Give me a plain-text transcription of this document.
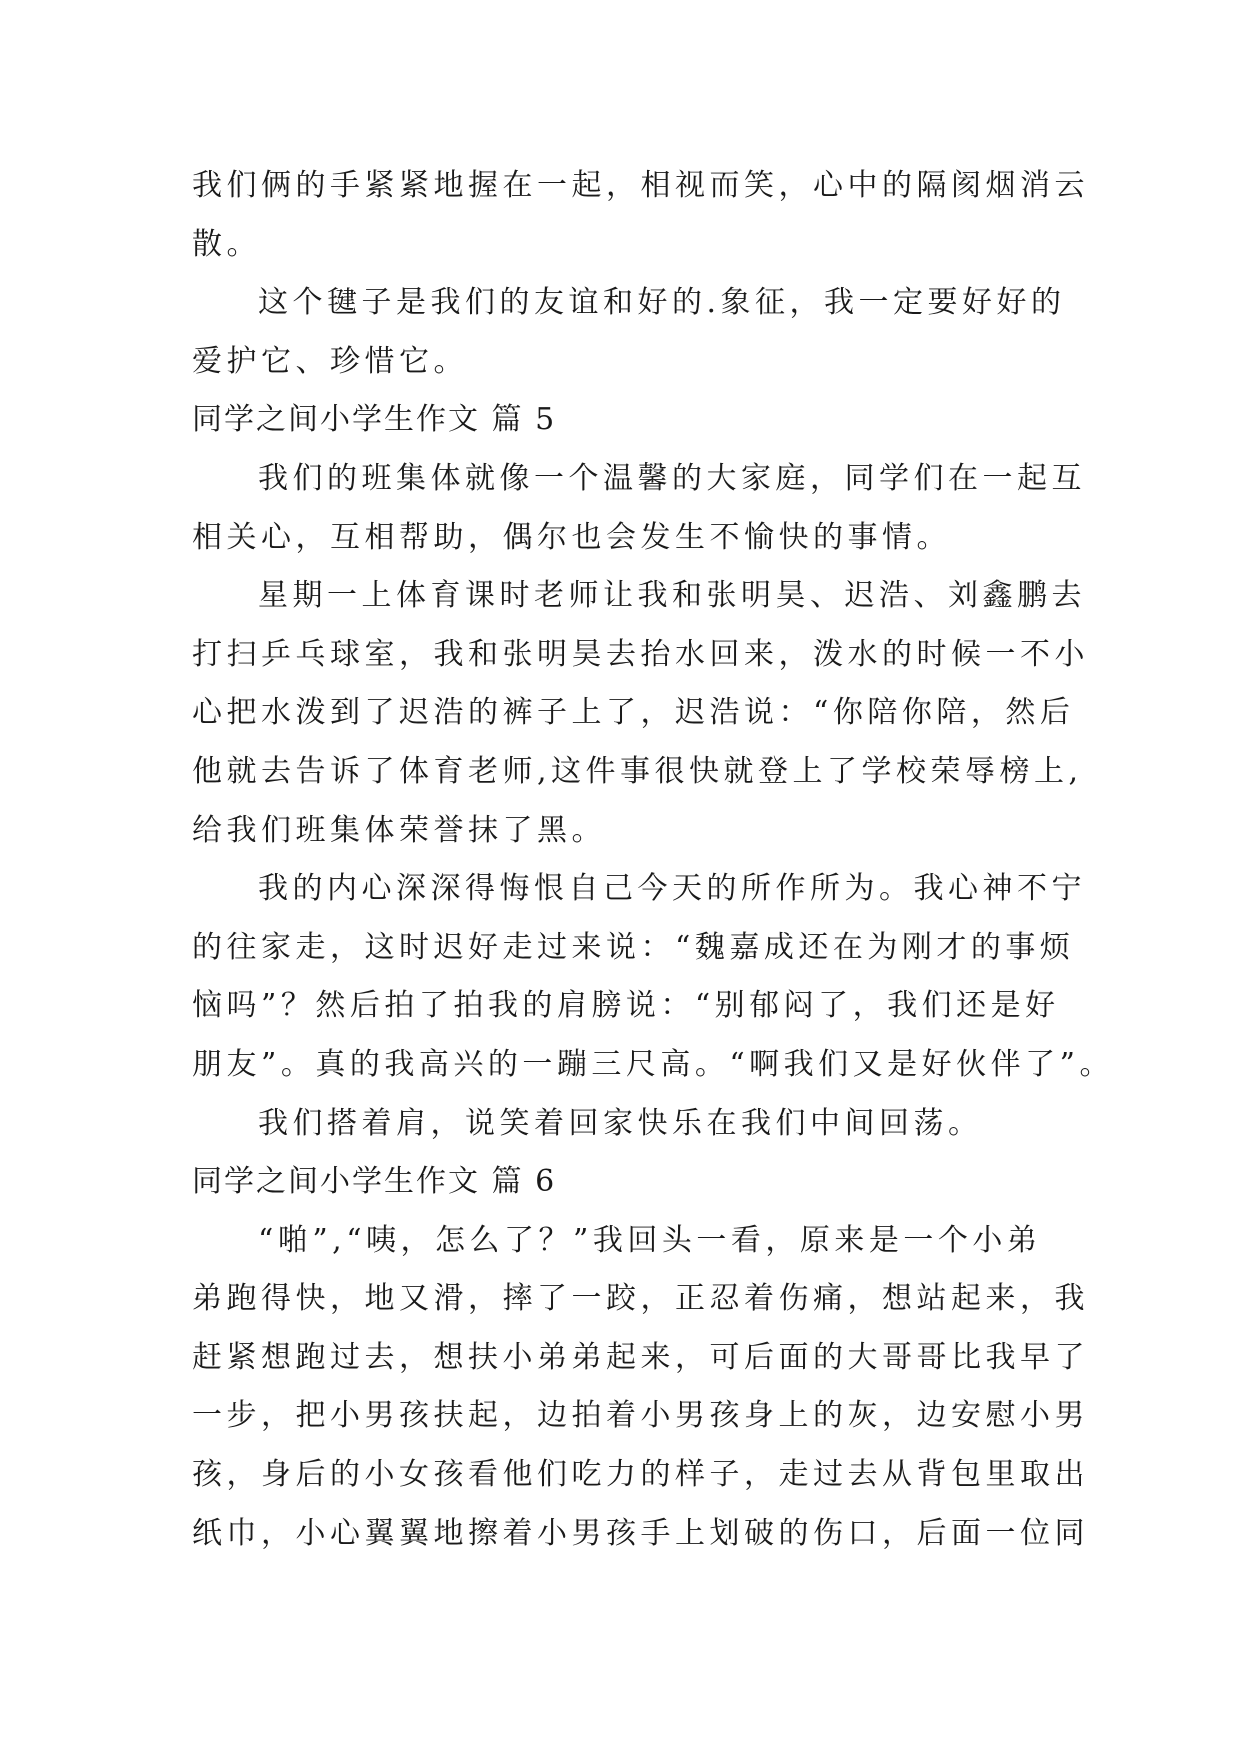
我们俩的手紧紧地握在一起，相视而笑，心中的隔阂烟消云
散。
这个毽子是我们的友谊和好的.象征，我一定要好好的
爱护它、珍惜它。
同学之间小学生作文 篇 5
我们的班集体就像一个温馨的大家庭，同学们在一起互
相关心，互相帮助，偶尔也会发生不愉快的事情。
星期一上体育课时老师让我和张明昊、迟浩、刘鑫鹏去
打扫乒乓球室，我和张明昊去抬水回来，泼水的时候一不小
心把水泼到了迟浩的裤子上了，迟浩说：“你陪你陪，然后
他就去告诉了体育老师,这件事很快就登上了学校荣辱榜上,
给我们班集体荣誉抹了黑。
我的内心深深得悔恨自己今天的所作所为。我心神不宁
的往家走，这时迟好走过来说：“魏嘉成还在为刚才的事烦
恼吗”？然后拍了拍我的肩膀说：“别郁闷了，我们还是好
朋友”。真的我高兴的一蹦三尺高。“啊我们又是好伙伴了”。
我们搭着肩，说笑着回家快乐在我们中间回荡。
同学之间小学生作文 篇 6
“啪”,“咦，怎么了？”我回头一看，原来是一个小弟
弟跑得快，地又滑，摔了一跤，正忍着伤痛，想站起来，我
赶紧想跑过去，想扶小弟弟起来，可后面的大哥哥比我早了
一步，把小男孩扶起，边拍着小男孩身上的灰，边安慰小男
孩，身后的小女孩看他们吃力的样子，走过去从背包里取出
纸巾，小心翼翼地擦着小男孩手上划破的伤口，后面一位同
